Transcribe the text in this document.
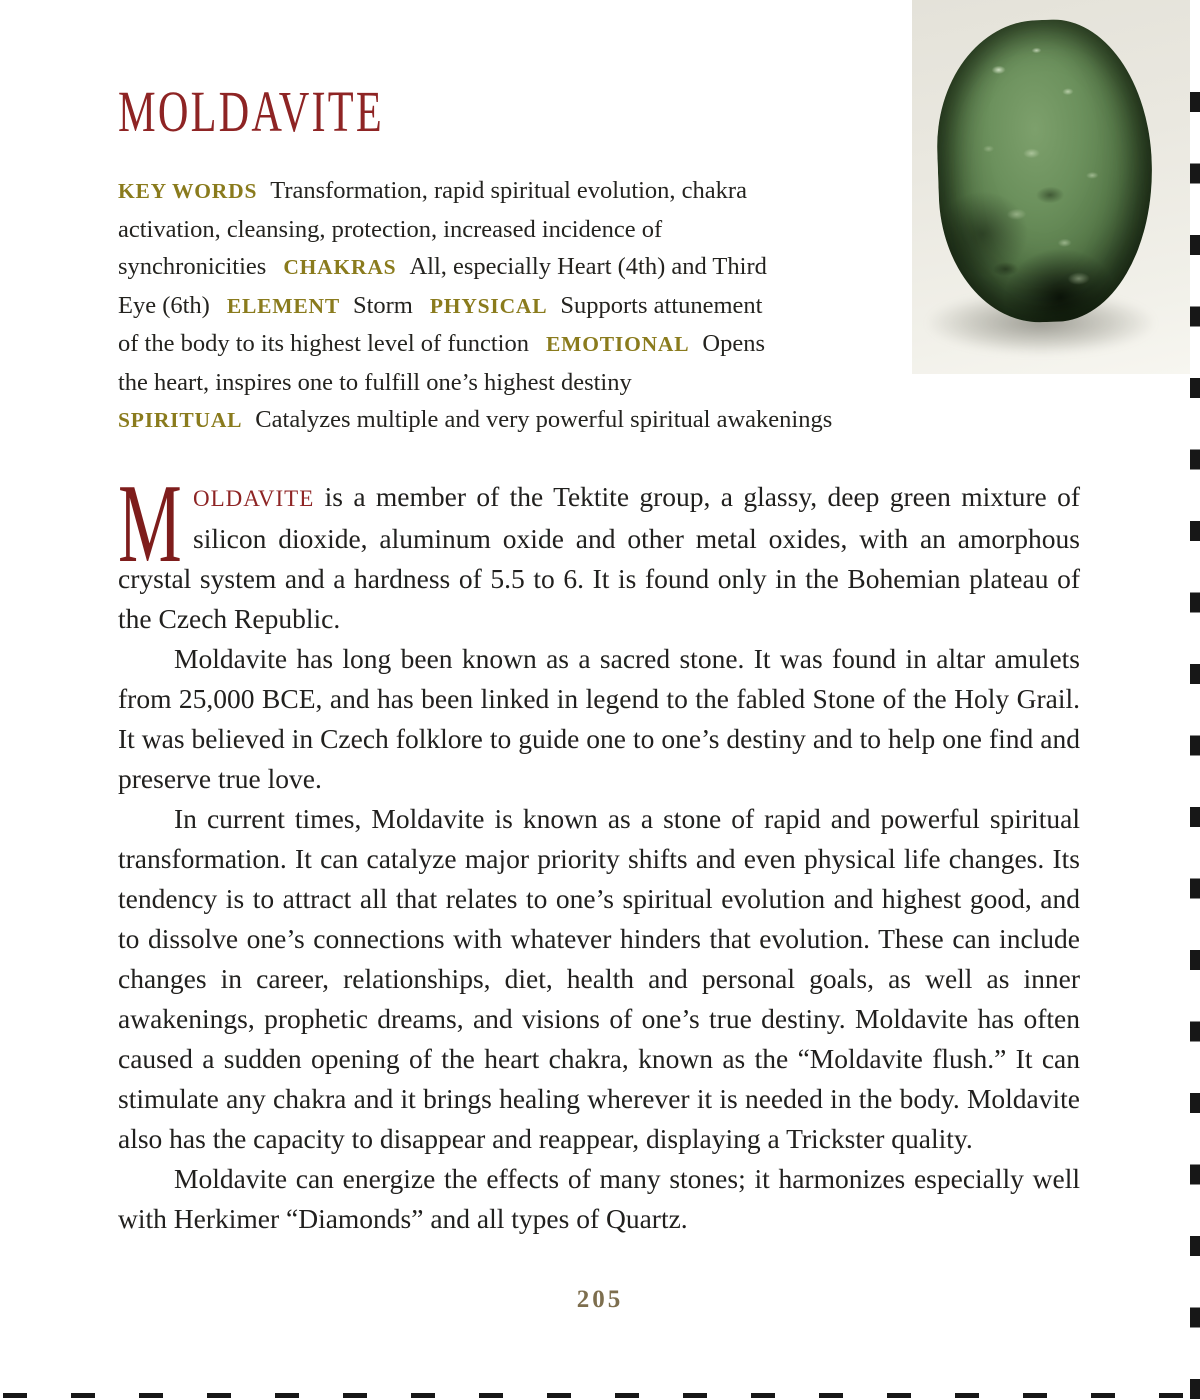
MOLDAVITE
KEY WORDS Transformation, rapid spiritual evolution, chakra
activation, cleansing, protection, increased incidence of
synchronicities CHAKRAS All, especially Heart (4th) and Third
Eye (6th) ELEMENT Storm PHYSICAL Supports attunement
of the body to its highest level of function EMOTIONAL Opens
the heart, inspires one to fulfill one’s highest destiny
SPIRITUAL Catalyzes multiple and very powerful spiritual awakenings

MOLDAVITE is a member of the Tektite group, a glassy, deep green mixture of silicon dioxide, aluminum oxide and other metal oxides, with an amorphous crystal system and a hardness of 5.5 to 6. It is found only in the Bohemian plateau of the Czech Republic.

Moldavite has long been known as a sacred stone. It was found in altar amulets from 25,000 BCE, and has been linked in legend to the fabled Stone of the Holy Grail. It was believed in Czech folklore to guide one to one’s destiny and to help one find and preserve true love.

In current times, Moldavite is known as a stone of rapid and powerful spiritual transformation. It can catalyze major priority shifts and even physical life changes. Its tendency is to attract all that relates to one’s spiritual evolution and highest good, and to dissolve one’s connections with whatever hinders that evolution. These can include changes in career, relationships, diet, health and personal goals, as well as inner awakenings, prophetic dreams, and visions of one’s true destiny. Moldavite has often caused a sudden opening of the heart chakra, known as the “Moldavite flush.” It can stimulate any chakra and it brings healing wherever it is needed in the body. Moldavite also has the capacity to disappear and reappear, displaying a Trickster quality.

Moldavite can energize the effects of many stones; it harmonizes especially well with Herkimer “Diamonds” and all types of Quartz.

205
